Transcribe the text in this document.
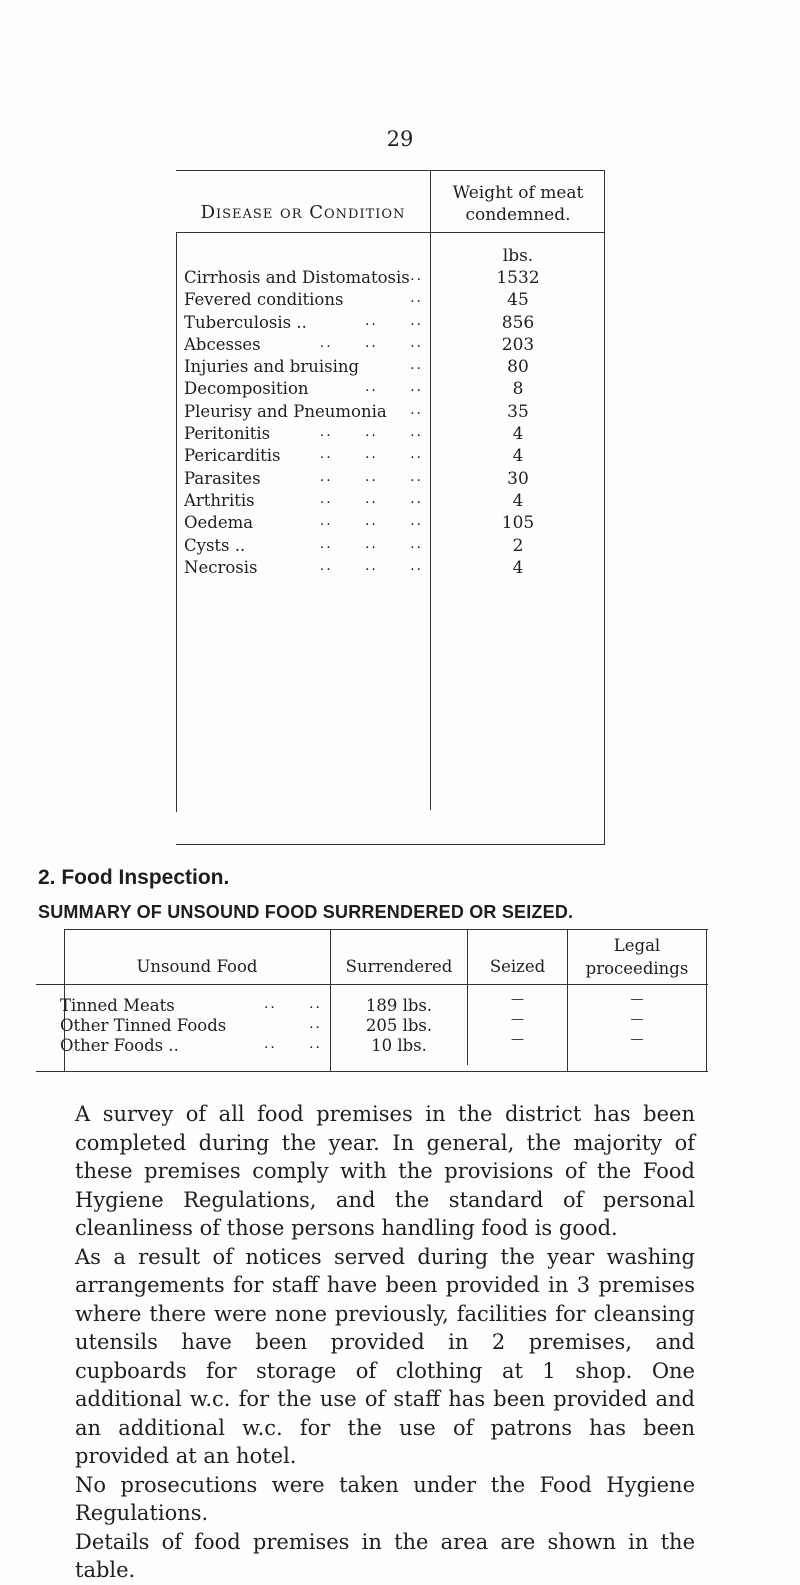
29
Disease or Condition
Weight of meat condemned.
lbs.
Cirrhosis and Distomatosis ..	1532
Fevered conditions	..	45
Tuberculosis ..	..     ..	856
Abcesses	..     ..     ..	203
Injuries and bruising	..	80
Decomposition	..     ..	8
Pleurisy and Pneumonia	..	35
Peritonitis	..     ..     ..	4
Pericarditis	..     ..     ..	4
Parasites	..     ..     ..	30
Arthritis	..     ..     ..	4
Oedema	..     ..     ..	105
Cysts ..	..     ..     ..	2
Necrosis	..     ..     ..	4
2. Food Inspection.
SUMMARY OF UNSOUND FOOD SURRENDERED OR SEIZED.
Unsound Food	Surrendered	Seized
Legal proceedings
Tinned Meats	..     ..	189 lbs.	—	—
Other Tinned Foods	..	205 lbs.	—	—
Other Foods ..	..     ..	10 lbs.	—	—

A survey of all food premises in the district has been completed during the year. In general, the majority of these premises comply with the provisions of the Food Hygiene Regulations, and the standard of personal cleanliness of those persons handling food is good.

As a result of notices served during the year washing arrangements for staff have been provided in 3 premises where there were none previously, facilities for cleansing utensils have been provided in 2 premises, and cupboards for storage of clothing at 1 shop. One additional w.c. for the use of staff has been provided and an additional w.c. for the use of patrons has been provided at an hotel.

No prosecutions were taken under the Food Hygiene Regulations.

Details of food premises in the area are shown in the table.
